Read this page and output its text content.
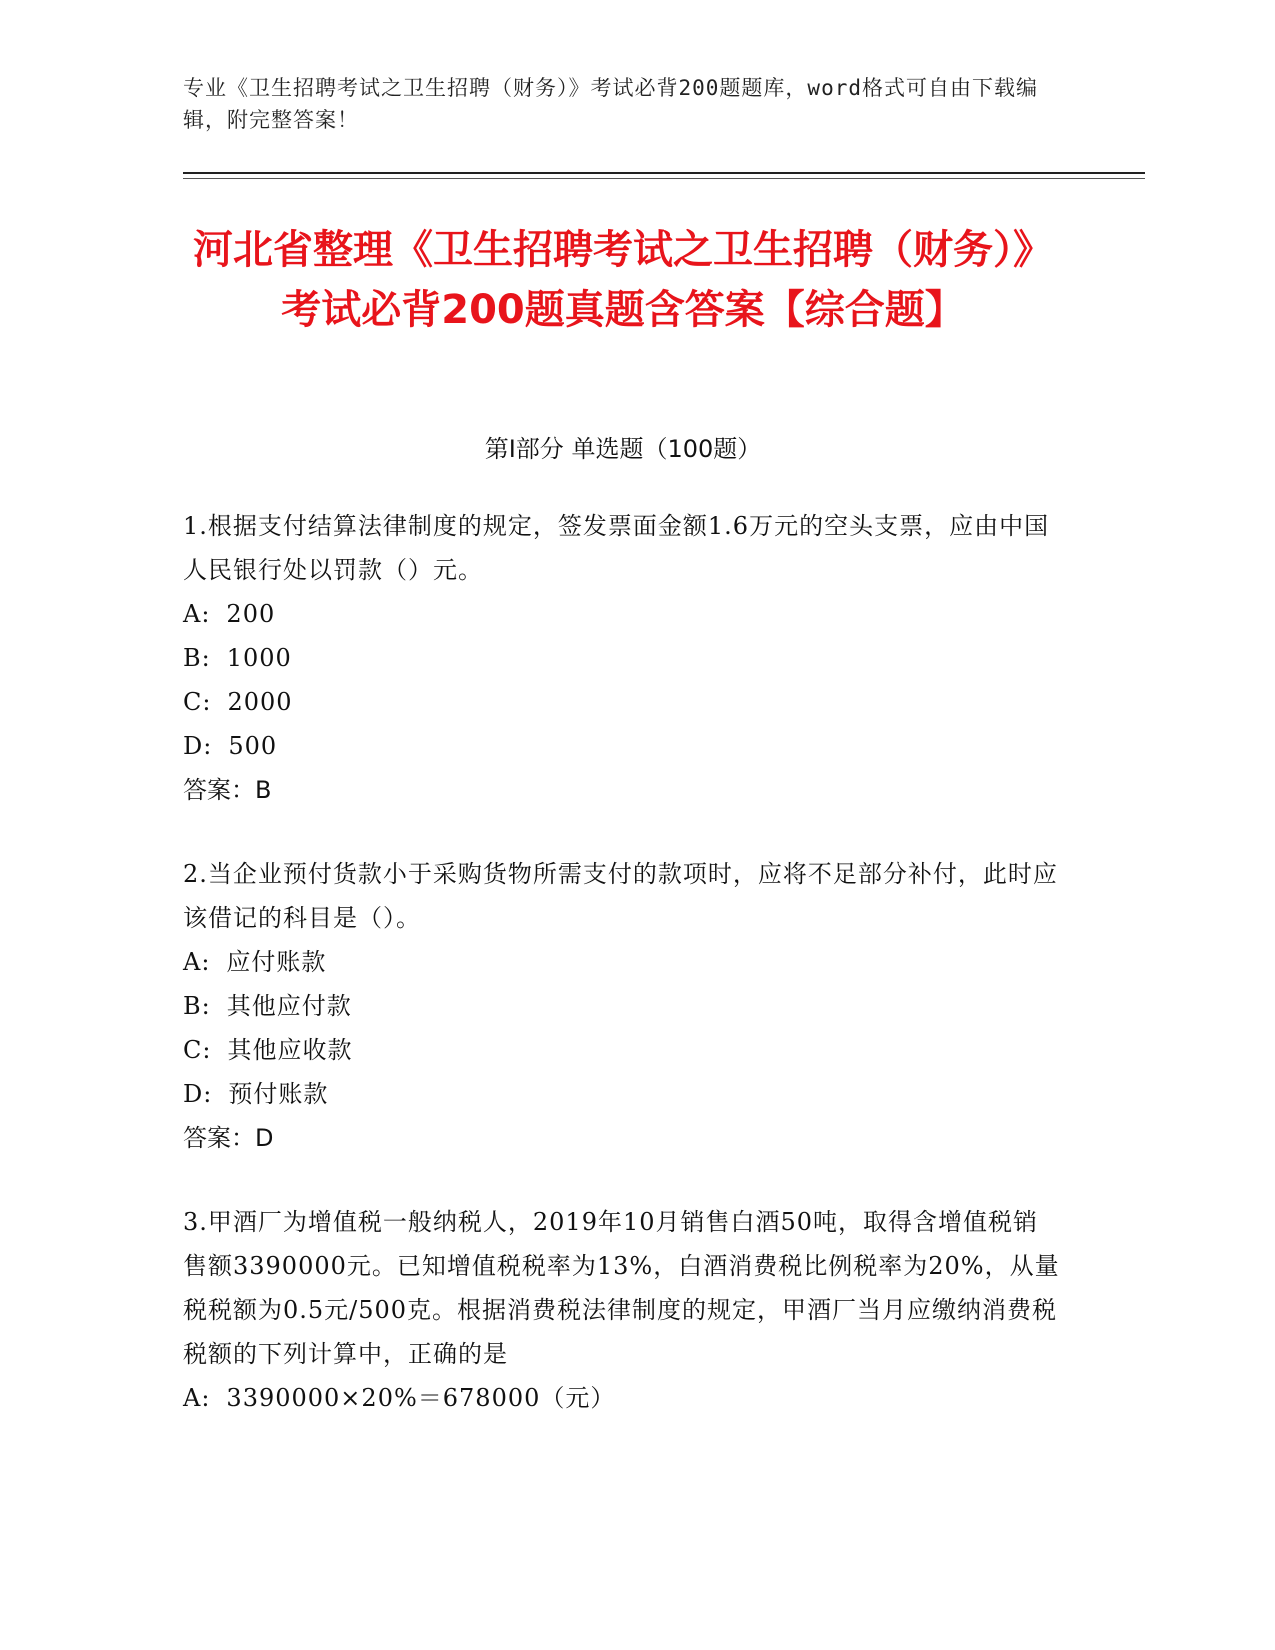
专业《卫生招聘考试之卫生招聘（财务）》考试必背200题题库，word格式可自由下载编辑，附完整答案！
河北省整理《卫生招聘考试之卫生招聘（财务）》考试必背200题真题含答案【综合题】
第I部分 单选题（100题）

1.根据支付结算法律制度的规定，签发票面金额1.6万元的空头支票，应由中国人民银行处以罚款（）元。

A: 200

B: 1000

C: 2000

D: 500

答案：B

2.当企业预付货款小于采购货物所需支付的款项时，应将不足部分补付，此时应该借记的科目是（）。

A: 应付账款

B: 其他应付款

C: 其他应收款

D: 预付账款

答案：D

3.甲酒厂为增值税一般纳税人，2019年10月销售白酒50吨，取得含增值税销售额3390000元。已知增值税税率为13%，白酒消费税比例税率为20%，从量税税额为0.5元/500克。根据消费税法律制度的规定，甲酒厂当月应缴纳消费税税额的下列计算中，正确的是

A: 3390000×20%＝678000（元）
